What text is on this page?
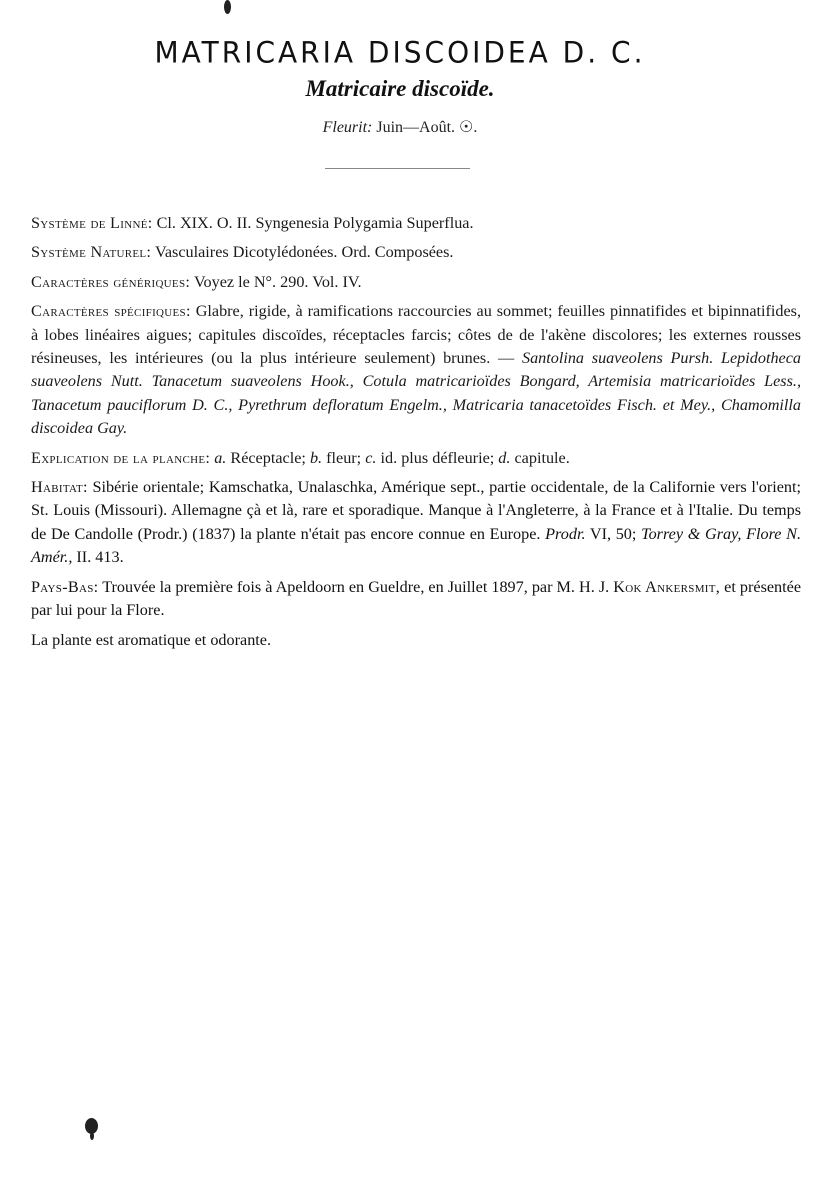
MATRICARIA DISCOIDEA D. C.
Matricaire discoïde.
Fleurit: Juin—Août. ☉.

Système de Linné: Cl. XIX. O. II. Syngenesia Polygamia Superflua.

Système Naturel: Vasculaires Dicotylédonées. Ord. Composées.

Caractères génériques: Voyez le N°. 290. Vol. IV.

Caractères spécifiques: Glabre, rigide, à ramifications raccourcies au sommet; feuilles pinnatifides et bipinnatifides, à lobes linéaires aigues; capitules discoïdes, réceptacles farcis; côtes de de l'akène discolores; les externes rousses résineuses, les intérieures (ou la plus intérieure seulement) brunes. — Santolina suaveolens Pursh. Lepidotheca suaveolens Nutt. Tanacetum suaveolens Hook., Cotula matricarioïdes Bongard, Artemisia matricarioïdes Less., Tanacetum pauciflorum D. C., Pyrethrum defloratum Engelm., Matricaria tanacetoïdes Fisch. et Mey., Chamomilla discoidea Gay.

Explication de la planche: a. Réceptacle; b. fleur; c. id. plus défleurie; d. capitule.

Habitat: Sibérie orientale; Kamschatka, Unalaschka, Amérique sept., partie occidentale, de la Californie vers l'orient; St. Louis (Missouri). Allemagne çà et là, rare et sporadique. Manque à l'Angleterre, à la France et à l'Italie. Du temps de De Candolle (Prodr.) (1837) la plante n'était pas encore connue en Europe. Prodr. VI, 50; Torrey & Gray, Flore N. Amér., II. 413.

Pays-Bas: Trouvée la première fois à Apeldoorn en Gueldre, en Juillet 1897, par M. H. J. Kok Ankersmit, et présentée par lui pour la Flore.

La plante est aromatique et odorante.
